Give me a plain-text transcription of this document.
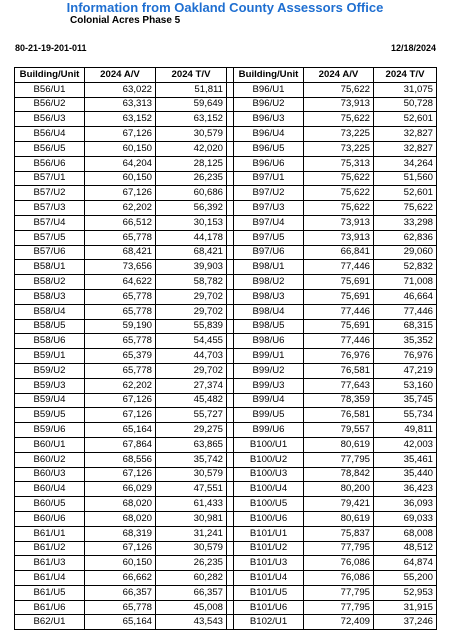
Information from Oakland County Assessors Office
Colonial Acres Phase 5
80-21-19-201-011	12/18/2024
Building/Unit	2024 A/V	2024 T/V		Building/Unit	2024 A/V	2024 T/V
B56/U1	63,022	51,811		B96/U1	75,622	31,075
B56/U2	63,313	59,649		B96/U2	73,913	50,728
B56/U3	63,152	63,152		B96/U3	75,622	52,601
B56/U4	67,126	30,579		B96/U4	73,225	32,827
B56/U5	60,150	42,020		B96/U5	73,225	32,827
B56/U6	64,204	28,125		B96/U6	75,313	34,264
B57/U1	60,150	26,235		B97/U1	75,622	51,560
B57/U2	67,126	60,686		B97/U2	75,622	52,601
B57/U3	62,202	56,392		B97/U3	75,622	75,622
B57/U4	66,512	30,153		B97/U4	73,913	33,298
B57/U5	65,778	44,178		B97/U5	73,913	62,836
B57/U6	68,421	68,421		B97/U6	66,841	29,060
B58/U1	73,656	39,903		B98/U1	77,446	52,832
B58/U2	64,622	58,782		B98/U2	75,691	71,008
B58/U3	65,778	29,702		B98/U3	75,691	46,664
B58/U4	65,778	29,702		B98/U4	77,446	77,446
B58/U5	59,190	55,839		B98/U5	75,691	68,315
B58/U6	65,778	54,455		B98/U6	77,446	35,352
B59/U1	65,379	44,703		B99/U1	76,976	76,976
B59/U2	65,778	29,702		B99/U2	76,581	47,219
B59/U3	62,202	27,374		B99/U3	77,643	53,160
B59/U4	67,126	45,482		B99/U4	78,359	35,745
B59/U5	67,126	55,727		B99/U5	76,581	55,734
B59/U6	65,164	29,275		B99/U6	79,557	49,811
B60/U1	67,864	63,865		B100/U1	80,619	42,003
B60/U2	68,556	35,742		B100/U2	77,795	35,461
B60/U3	67,126	30,579		B100/U3	78,842	35,440
B60/U4	66,029	47,551		B100/U4	80,200	36,423
B60/U5	68,020	61,433		B100/U5	79,421	36,093
B60/U6	68,020	30,981		B100/U6	80,619	69,033
B61/U1	68,319	31,241		B101/U1	75,837	68,008
B61/U2	67,126	30,579		B101/U2	77,795	48,512
B61/U3	60,150	26,235		B101/U3	76,086	64,874
B61/U4	66,662	60,282		B101/U4	76,086	55,200
B61/U5	66,357	66,357		B101/U5	77,795	52,953
B61/U6	65,778	45,008		B101/U6	77,795	31,915
B62/U1	65,164	43,543		B102/U1	72,409	37,246
